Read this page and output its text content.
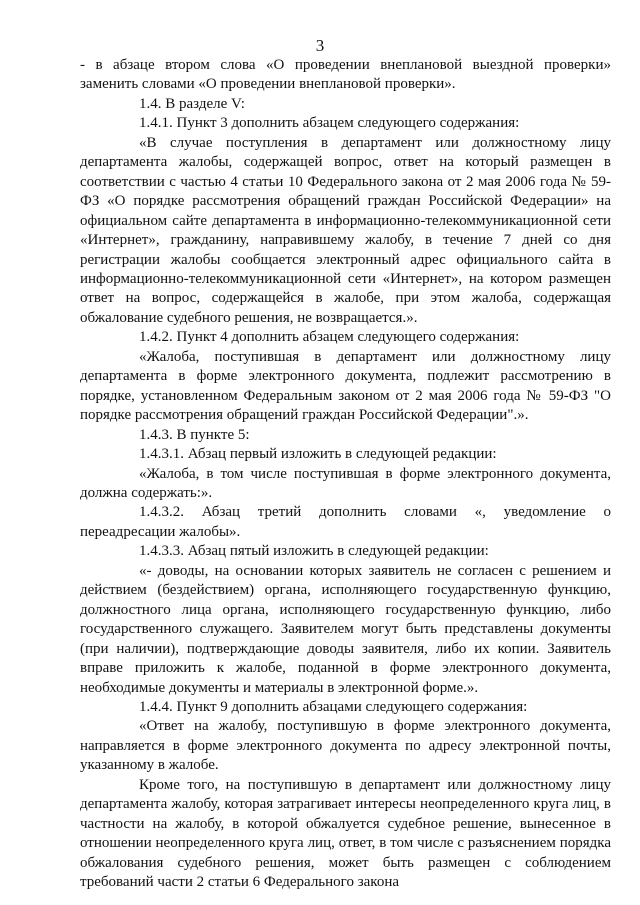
3

- в абзаце втором слова «О проведении внеплановой выездной проверки» заменить словами «О проведении внеплановой проверки».

1.4. В разделе V:

1.4.1. Пункт 3 дополнить абзацем следующего содержания:

«В случае поступления в департамент или должностному лицу департамента жалобы, содержащей вопрос, ответ на который размещен в соответствии с частью 4 статьи 10 Федерального закона от 2 мая 2006 года № 59-ФЗ «О порядке рассмотрения обращений граждан Российской Федерации» на официальном сайте департамента в информационно-телекоммуникационной сети «Интернет», гражданину, направившему жалобу, в течение 7 дней со дня регистрации жалобы сообщается электронный адрес официального сайта в информационно-телекоммуникационной сети «Интернет», на котором размещен ответ на вопрос, содержащейся в жалобе, при этом жалоба, содержащая обжалование судебного решения, не возвращается.».

1.4.2. Пункт 4 дополнить абзацем следующего содержания:

«Жалоба, поступившая в департамент или должностному лицу департамента в форме электронного документа, подлежит рассмотрению в порядке, установленном Федеральным законом от 2 мая 2006 года № 59-ФЗ "О порядке рассмотрения обращений граждан Российской Федерации".».

1.4.3. В пункте 5:

1.4.3.1. Абзац первый изложить в следующей редакции:

«Жалоба, в том числе поступившая в форме электронного документа, должна содержать:».

1.4.3.2. Абзац третий дополнить словами «, уведомление о переадресации жалобы».

1.4.3.3. Абзац пятый изложить в следующей редакции:

«- доводы, на основании которых заявитель не согласен с решением и действием (бездействием) органа, исполняющего государственную функцию, должностного лица органа, исполняющего государственную функцию, либо государственного служащего. Заявителем могут быть представлены документы (при наличии), подтверждающие доводы заявителя, либо их копии. Заявитель вправе приложить к жалобе, поданной в форме электронного документа, необходимые документы и материалы в электронной форме.».

1.4.4. Пункт 9 дополнить абзацами следующего содержания:

«Ответ на жалобу, поступившую в форме электронного документа, направляется в форме электронного документа по адресу электронной почты, указанному в жалобе.

Кроме того, на поступившую в департамент или должностному лицу департамента жалобу, которая затрагивает интересы неопределенного круга лиц, в частности на жалобу, в которой обжалуется судебное решение, вынесенное в отношении неопределенного круга лиц, ответ, в том числе с разъяснением порядка обжалования судебного решения, может быть размещен с соблюдением требований части 2 статьи 6 Федерального закона
